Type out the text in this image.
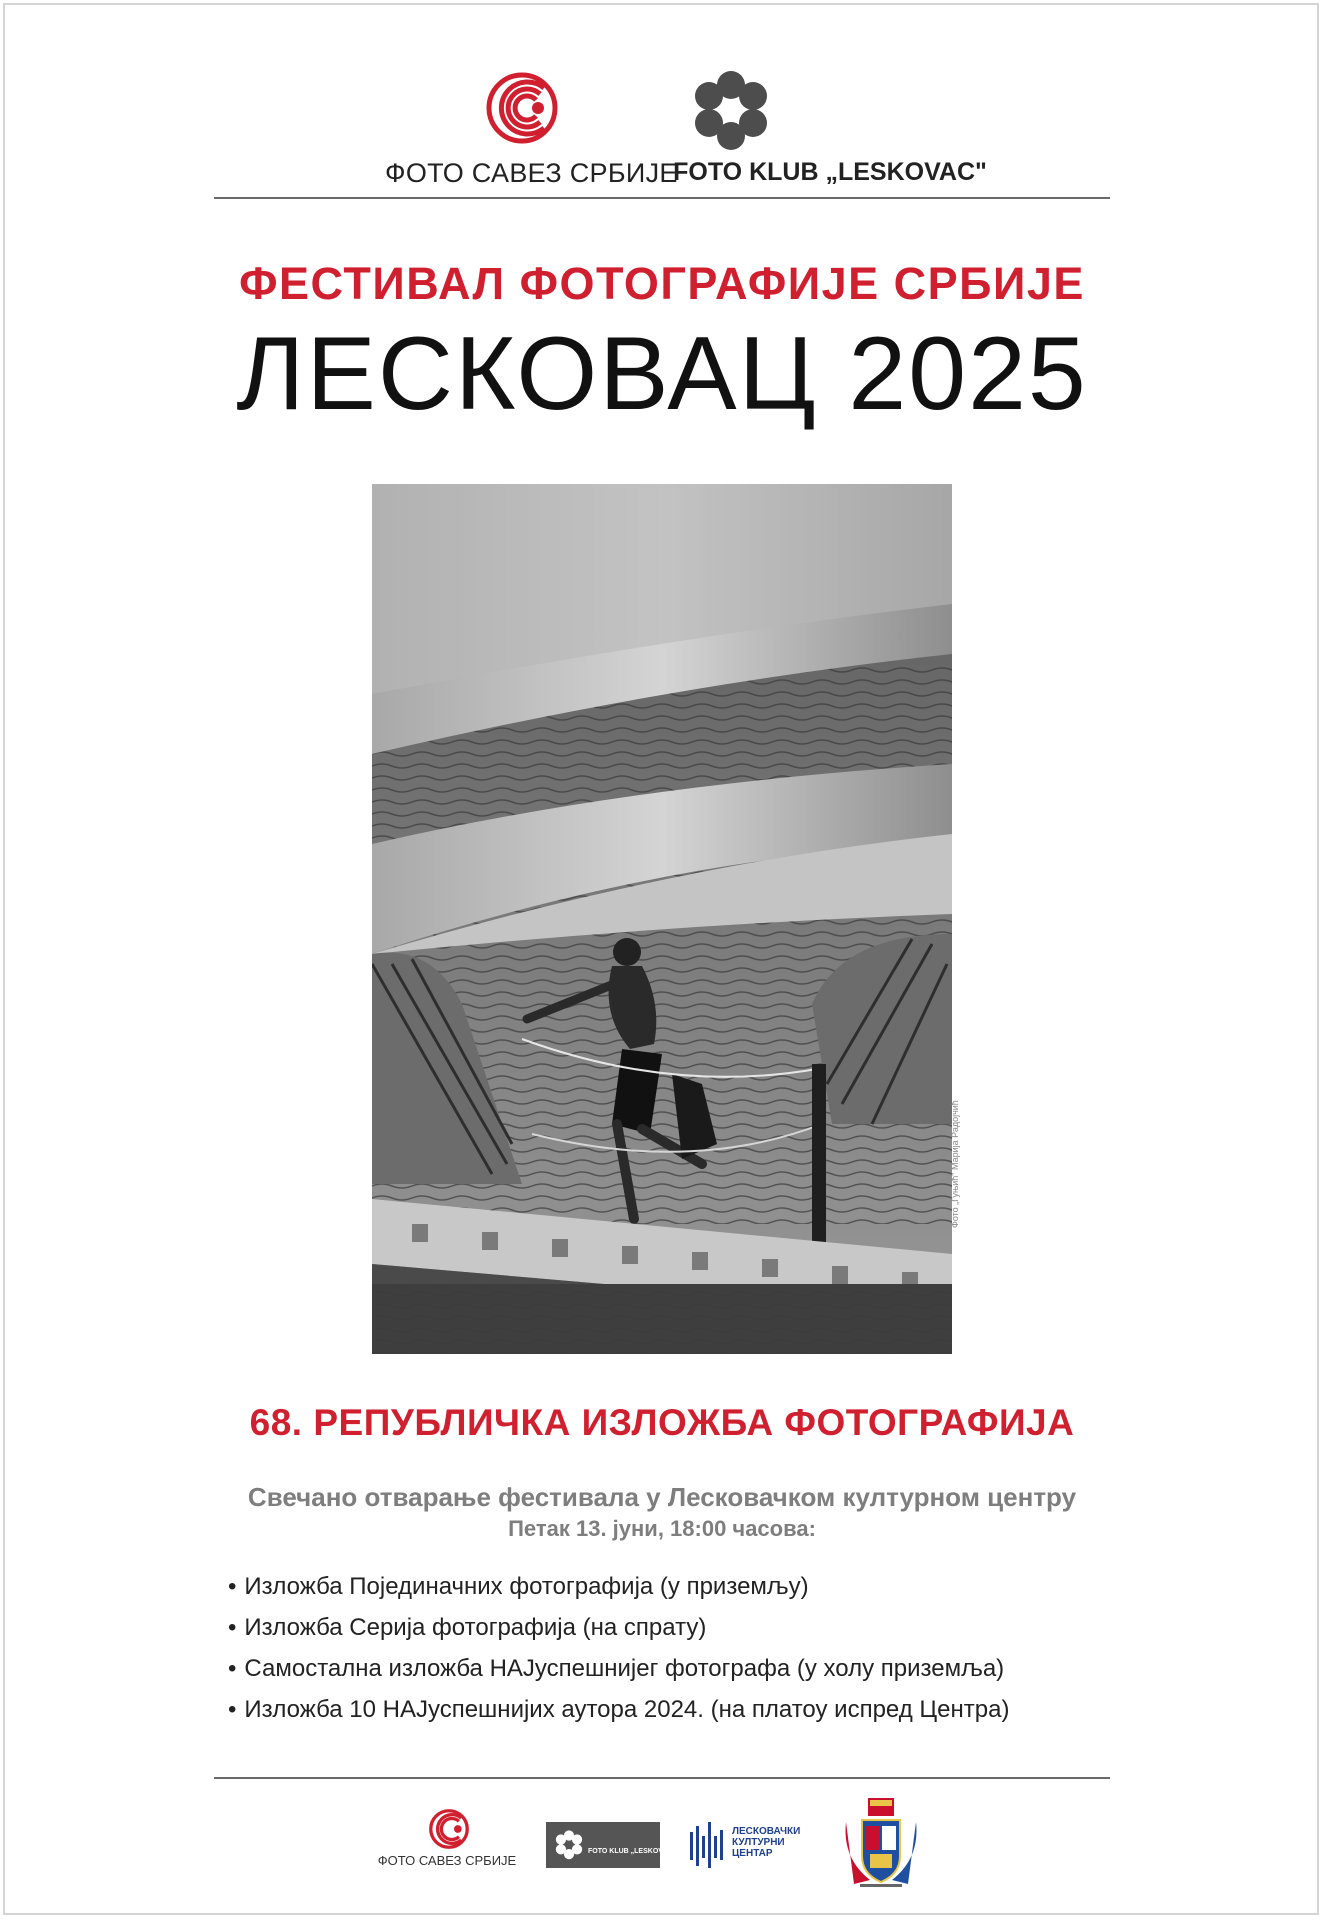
ФОТО САВЕЗ СРБИЈЕ
FOTO KLUB „LESKOVAC"
ФЕСТИВАЛ ФОТОГРАФИЈЕ СРБИЈЕ
ЛЕСКОВАЦ 2025
Фото „Гуњић" Марија Радојчић
68. РЕПУБЛИЧКА ИЗЛОЖБА ФОТОГРАФИЈА
Свечано отварање фестивала у Лесковачком културном центру
Петак 13. јуни, 18:00 часова:
• Изложба Појединачних фотографија (у приземљу)
• Изложба Серија фотографија (на спрату)
• Самостална изложба НАЈуспешнијег фотографа (у холу приземља)
• Изложба 10 НАЈуспешнијих аутора 2024. (на платоу испред Центра)
ФОТО САВЕЗ СРБИЈЕ
FOTO KLUB „LESKOVAC"
ЛЕСКОВАЧКИ
КУЛТУРНИ
ЦЕНТАР
